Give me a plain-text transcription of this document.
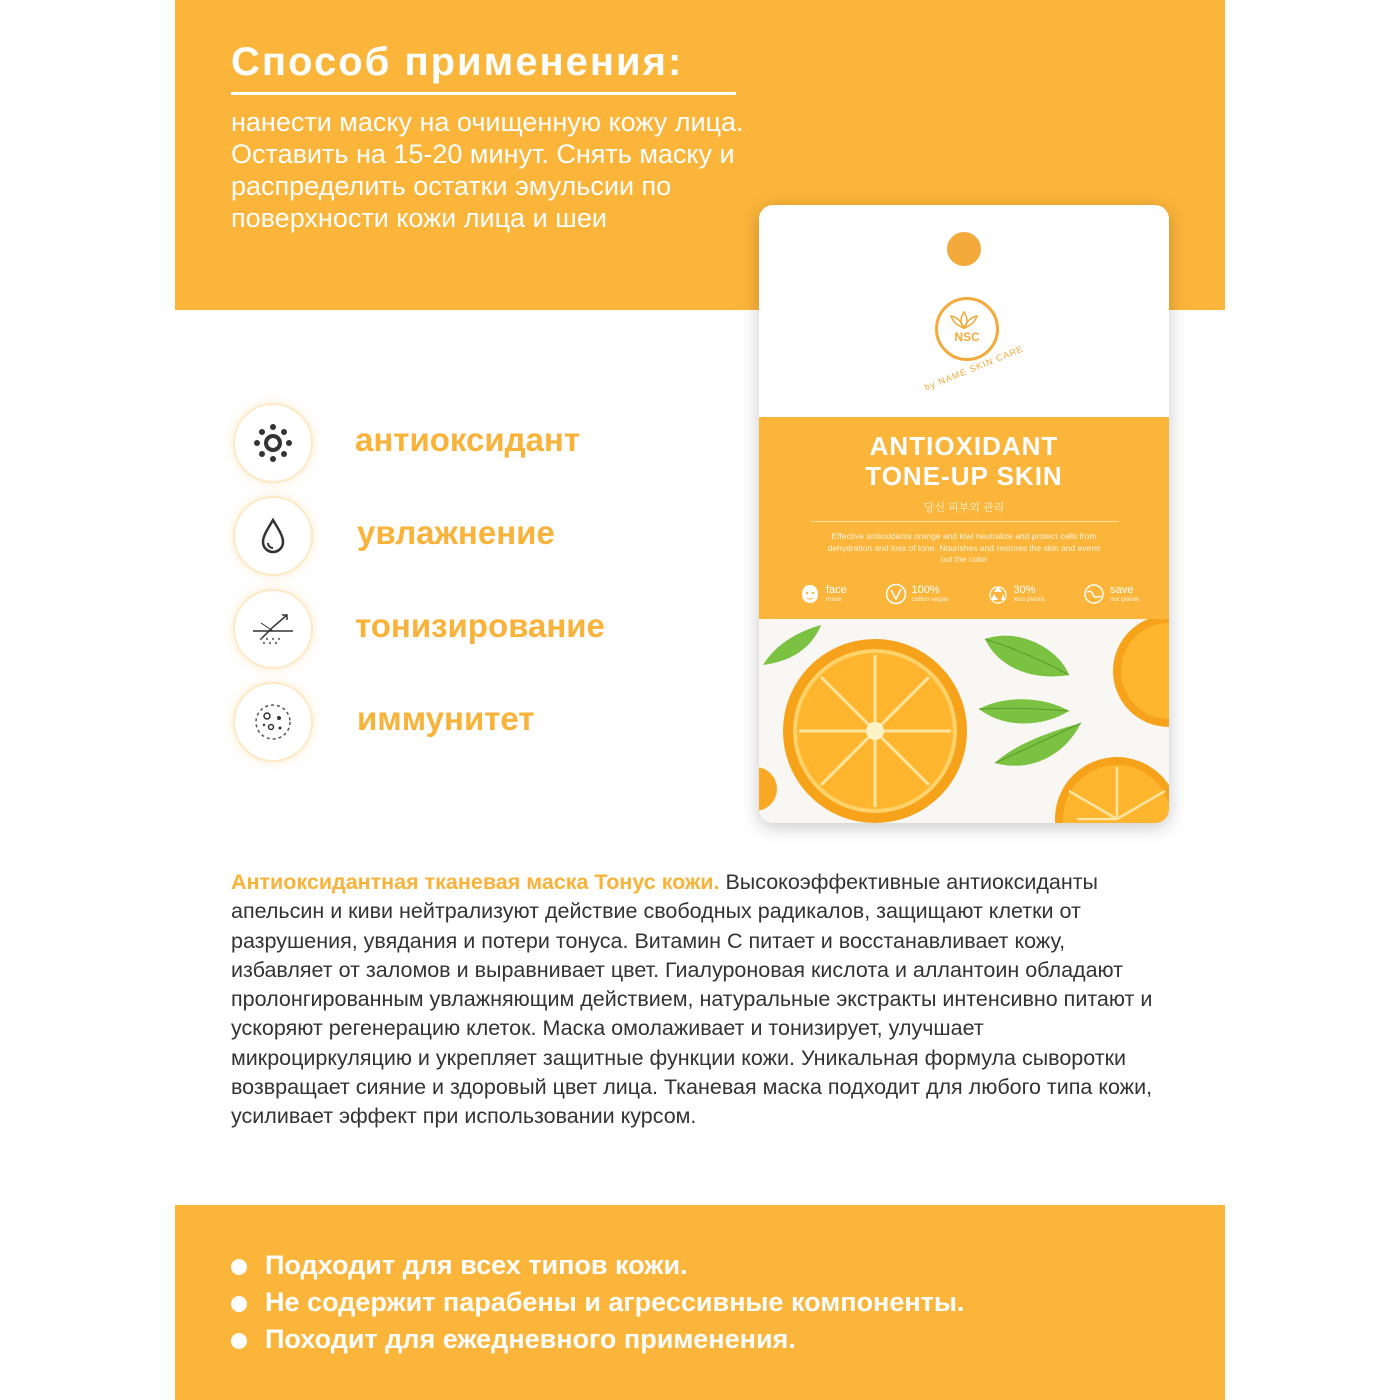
Способ применения:

нанести маску на очищенную кожу лица. Оставить на 15-20 минут. Снять маску и распределить остатки эмульсии по поверхности кожи лица и шеи

антиоксидант
увлажнение
тонизирование
иммунитет
NSC
by NAME SKIN CARE
ANTIOXIDANT
TONE-UP SKIN
당신 피부의 관리

Effective antioxidants orange and kiwi neutralize and protect cells from dehydration and loss of tone. Nourishes and restores the skin and evens out the color

face
mask
100%
cotton vegan
30%
less plastic
save
our planet

Антиоксидантная тканевая маска Тонус кожи. Высокоэффективные антиоксиданты апельсин и киви нейтрализуют действие свободных радикалов, защищают клетки от разрушения, увядания и потери тонуса. Витамин С питает и восстанавливает кожу, избавляет от заломов и выравнивает цвет. Гиалуроновая кислота и аллантоин обладают пролонгированным увлажняющим действием, натуральные экстракты интенсивно питают и ускоряют регенерацию клеток. Маска омолаживает и тонизирует, улучшает микроциркуляцию и укрепляет защитные функции кожи. Уникальная формула сыворотки возвращает сияние и здоровый цвет лица. Тканевая маска подходит для любого типа кожи, усиливает эффект при использовании курсом.

Подходит для всех типов кожи.
Не содержит парабены и агрессивные компоненты.
Походит для ежедневного применения.
